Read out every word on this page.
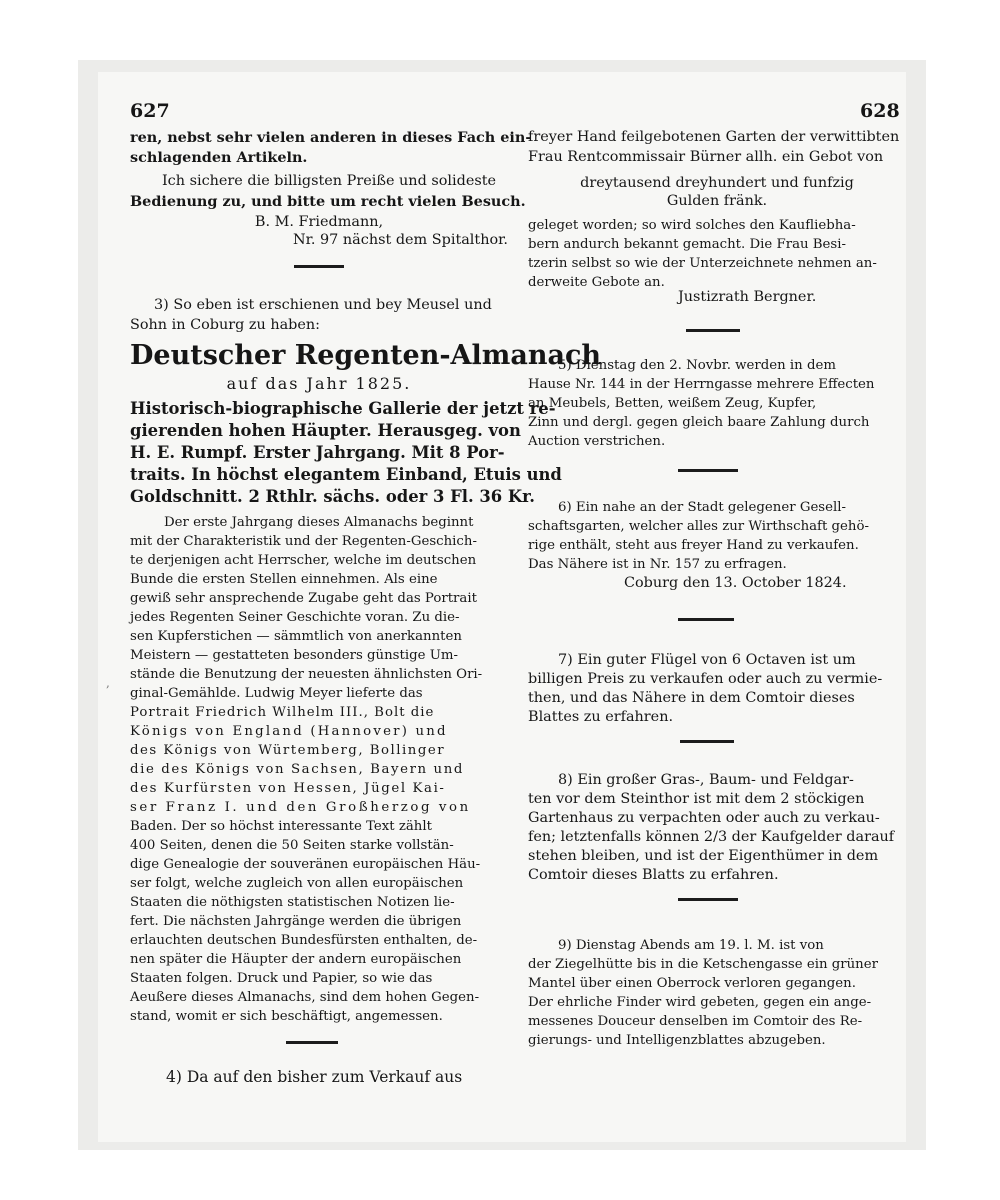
627	628
,
ren, nebst sehr vielen anderen in dieses Fach ein-
schlagenden Artikeln.
Ich sichere die billigsten Preiße und solideste
Bedienung zu, und bitte um recht vielen Besuch.
B. M. Friedmann,
Nr. 97 nächst dem Spitalthor.
3) So eben ist erschienen und bey Meusel und
Sohn in Coburg zu haben:
Deutscher Regenten-Almanach
auf das Jahr 1825.
Historisch-biographische Gallerie der jetzt re-
gierenden hohen Häupter. Herausgeg. von
H. E. Rumpf. Erster Jahrgang. Mit 8 Por-
traits. In höchst elegantem Einband, Etuis und
Goldschnitt. 2 Rthlr. sächs. oder 3 Fl. 36 Kr.
Der erste Jahrgang dieses Almanachs beginnt
mit der Charakteristik und der Regenten-Geschich-
te derjenigen acht Herrscher, welche im deutschen
Bunde die ersten Stellen einnehmen. Als eine
gewiß sehr ansprechende Zugabe geht das Portrait
jedes Regenten Seiner Geschichte voran. Zu die-
sen Kupferstichen — sämmtlich von anerkannten
Meistern — gestatteten besonders günstige Um-
stände die Benutzung der neuesten ähnlichsten Ori-
ginal-Gemählde. Ludwig Meyer lieferte das
Portrait Friedrich Wilhelm III., Bolt die
Königs von England (Hannover) und
des Königs von Würtemberg, Bollinger
die des Königs von Sachsen, Bayern und
des Kurfürsten von Hessen, Jügel Kai-
ser Franz I. und den Großherzog von
Baden. Der so höchst interessante Text zählt
400 Seiten, denen die 50 Seiten starke vollstän-
dige Genealogie der souveränen europäischen Häu-
ser folgt, welche zugleich von allen europäischen
Staaten die nöthigsten statistischen Notizen lie-
fert. Die nächsten Jahrgänge werden die übrigen
erlauchten deutschen Bundesfürsten enthalten, de-
nen später die Häupter der andern europäischen
Staaten folgen. Druck und Papier, so wie das
Aeußere dieses Almanachs, sind dem hohen Gegen-
stand, womit er sich beschäftigt, angemessen.
4) Da auf den bisher zum Verkauf aus
freyer Hand feilgebotenen Garten der verwittibten
Frau Rentcommissair Bürner allh. ein Gebot von
dreytausend dreyhundert und funfzig
Gulden fränk.
geleget worden; so wird solches den Kaufliebha-
bern andurch bekannt gemacht. Die Frau Besi-
tzerin selbst so wie der Unterzeichnete nehmen an-
derweite Gebote an.
Justizrath Bergner.
5) Dienstag den 2. Novbr. werden in dem
Hause Nr. 144 in der Herrngasse mehrere Effecten
an Meubels, Betten, weißem Zeug, Kupfer,
Zinn und dergl. gegen gleich baare Zahlung durch
Auction verstrichen.
6) Ein nahe an der Stadt gelegener Gesell-
schaftsgarten, welcher alles zur Wirthschaft gehö-
rige enthält, steht aus freyer Hand zu verkaufen.
Das Nähere ist in Nr. 157 zu erfragen.
Coburg den 13. October 1824.
7) Ein guter Flügel von 6 Octaven ist um
billigen Preis zu verkaufen oder auch zu vermie-
then, und das Nähere in dem Comtoir dieses
Blattes zu erfahren.
8) Ein großer Gras-, Baum- und Feldgar-
ten vor dem Steinthor ist mit dem 2 stöckigen
Gartenhaus zu verpachten oder auch zu verkau-
fen; letztenfalls können 2/3 der Kaufgelder darauf
stehen bleiben, und ist der Eigenthümer in dem
Comtoir dieses Blatts zu erfahren.
9) Dienstag Abends am 19. l. M. ist von
der Ziegelhütte bis in die Ketschengasse ein grüner
Mantel über einen Oberrock verloren gegangen.
Der ehrliche Finder wird gebeten, gegen ein ange-
messenes Douceur denselben im Comtoir des Re-
gierungs- und Intelligenzblattes abzugeben.
